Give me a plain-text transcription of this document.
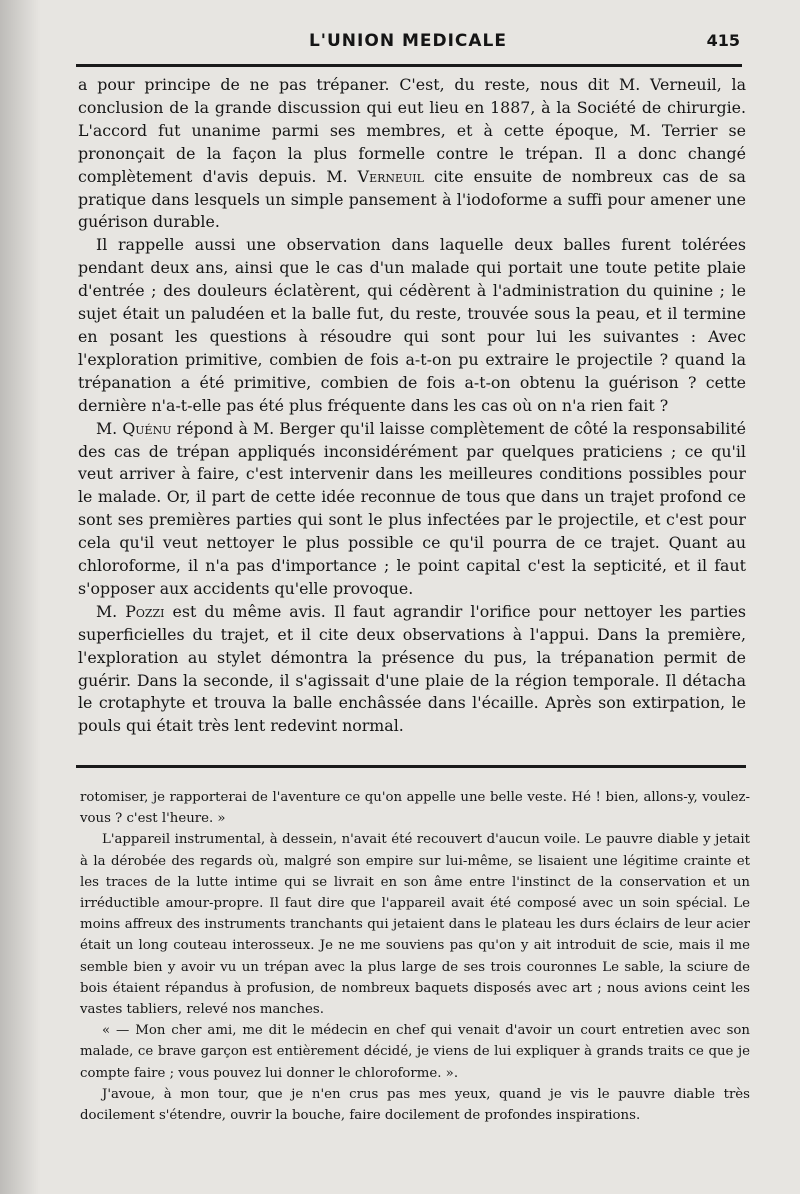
L'UNION MEDICALE	415

a pour principe de ne pas trépaner. C'est, du reste, nous dit M. Verneuil, la conclusion de la grande discussion qui eut lieu en 1887, à la Société de chirurgie. L'accord fut unanime parmi ses membres, et à cette époque, M. Terrier se prononçait de la façon la plus formelle contre le trépan. Il a donc changé complètement d'avis depuis. M. Verneuil cite ensuite de nombreux cas de sa pratique dans lesquels un simple pansement à l'iodoforme a suffi pour amener une guérison durable.

Il rappelle aussi une observation dans laquelle deux balles furent tolérées pendant deux ans, ainsi que le cas d'un malade qui portait une toute petite plaie d'entrée ; des douleurs éclatèrent, qui cédèrent à l'administration du quinine ; le sujet était un paludéen et la balle fut, du reste, trouvée sous la peau, et il termine en posant les questions à résoudre qui sont pour lui les suivantes : Avec l'exploration primitive, combien de fois a-t-on pu extraire le projectile ? quand la trépanation a été primitive, combien de fois a-t-on obtenu la guérison ? cette dernière n'a-t-elle pas été plus fréquente dans les cas où on n'a rien fait ?

M. Quénu répond à M. Berger qu'il laisse complètement de côté la responsabilité des cas de trépan appliqués inconsidérément par quelques praticiens ; ce qu'il veut arriver à faire, c'est intervenir dans les meilleures conditions possibles pour le malade. Or, il part de cette idée reconnue de tous que dans un trajet profond ce sont ses premières parties qui sont le plus infectées par le projectile, et c'est pour cela qu'il veut nettoyer le plus possible ce qu'il pourra de ce trajet. Quant au chloroforme, il n'a pas d'importance ; le point capital c'est la septicité, et il faut s'opposer aux accidents qu'elle provoque.

M. Pozzi est du même avis. Il faut agrandir l'orifice pour nettoyer les parties superficielles du trajet, et il cite deux observations à l'appui. Dans la première, l'exploration au stylet démontra la présence du pus, la trépanation permit de guérir. Dans la seconde, il s'agissait d'une plaie de la région temporale. Il détacha le crotaphyte et trouva la balle enchâssée dans l'écaille. Après son extirpation, le pouls qui était très lent redevint normal.

rotomiser, je rapporterai de l'aventure ce qu'on appelle une belle veste. Hé ! bien, allons-y, voulez-vous ? c'est l'heure. »

L'appareil instrumental, à dessein, n'avait été recouvert d'aucun voile. Le pauvre diable y jetait à la dérobée des regards où, malgré son empire sur lui-même, se lisaient une légitime crainte et les traces de la lutte intime qui se livrait en son âme entre l'instinct de la conservation et un irréductible amour-propre. Il faut dire que l'appareil avait été composé avec un soin spécial. Le moins affreux des instruments tranchants qui jetaient dans le plateau les durs éclairs de leur acier était un long couteau interosseux. Je ne me souviens pas qu'on y ait introduit de scie, mais il me semble bien y avoir vu un trépan avec la plus large de ses trois couronnes Le sable, la sciure de bois étaient répandus à profusion, de nombreux baquets disposés avec art ; nous avions ceint les vastes tabliers, relevé nos manches.

« — Mon cher ami, me dit le médecin en chef qui venait d'avoir un court entretien avec son malade, ce brave garçon est entièrement décidé, je viens de lui expliquer à grands traits ce que je compte faire ; vous pouvez lui donner le chloroforme. ».

J'avoue, à mon tour, que je n'en crus pas mes yeux, quand je vis le pauvre diable très docilement s'étendre, ouvrir la bouche, faire docilement de profondes inspirations.
